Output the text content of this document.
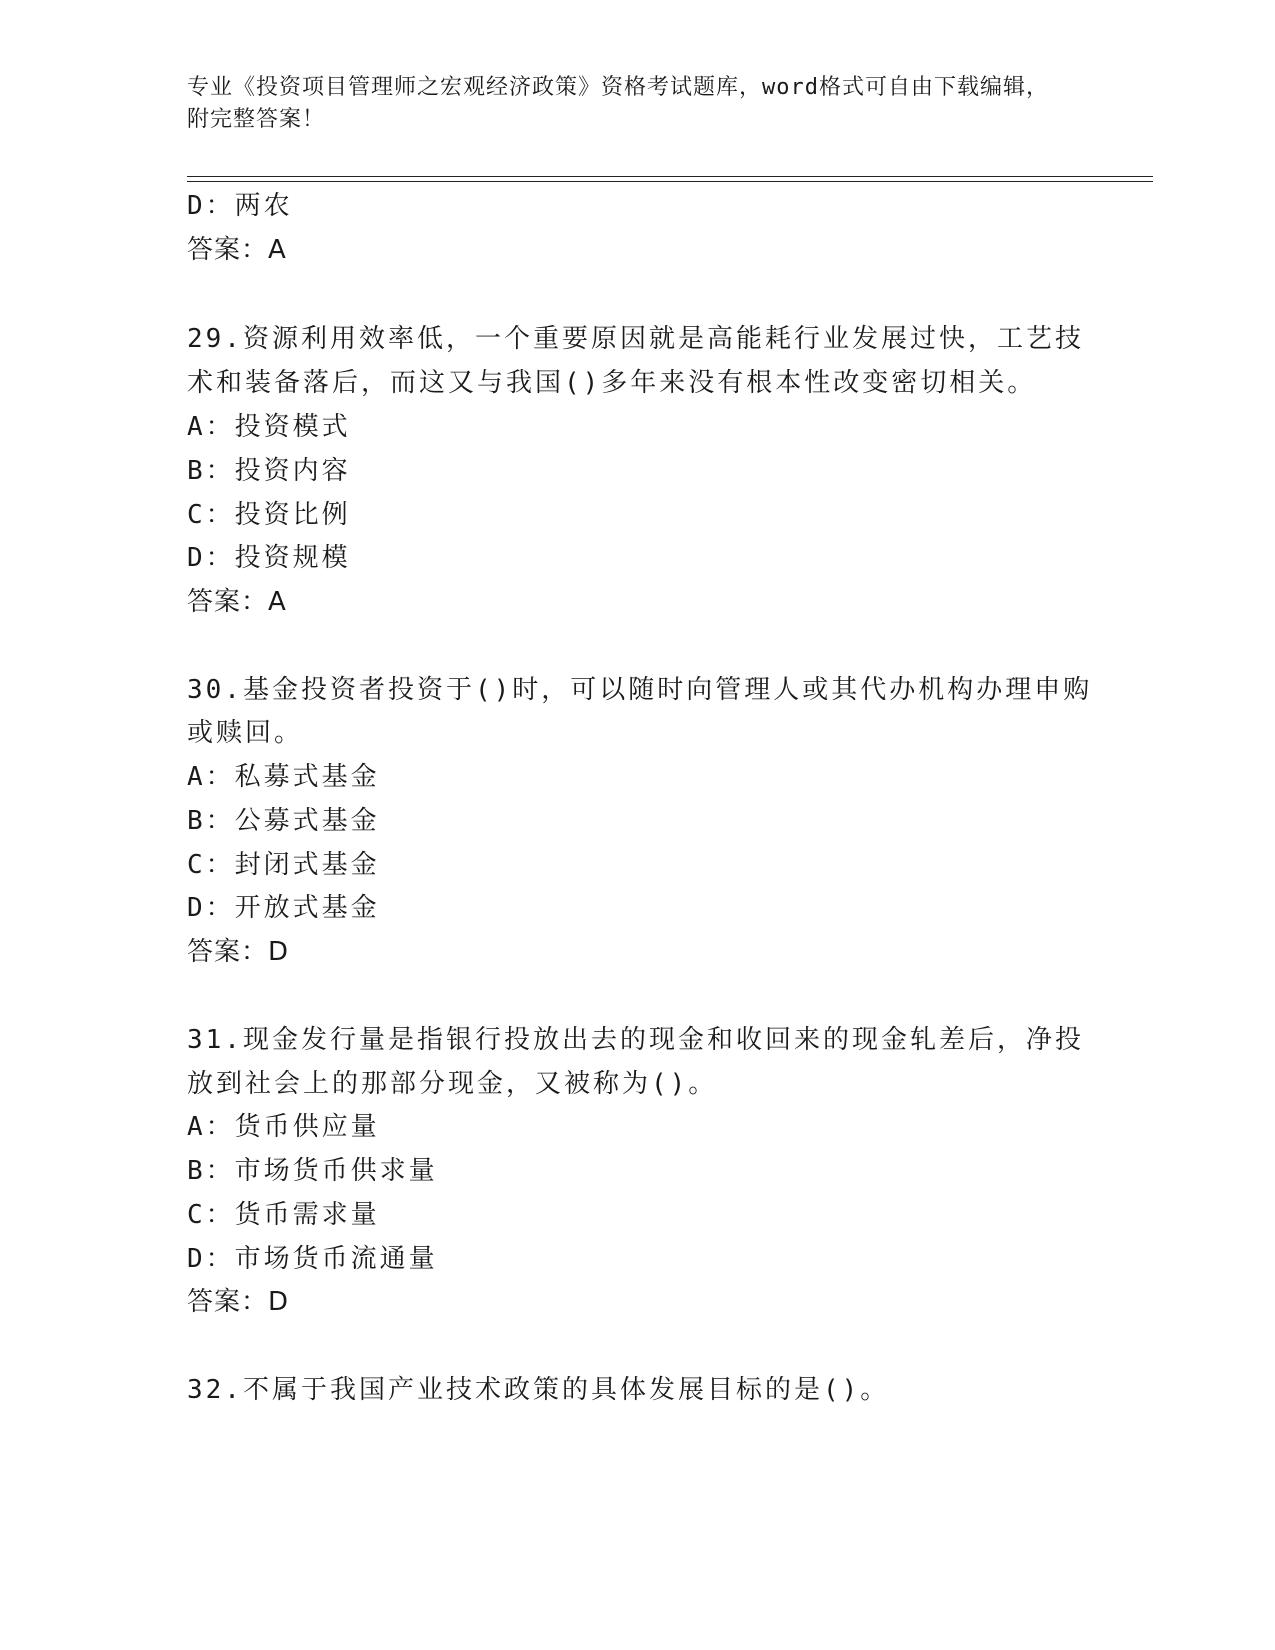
专业《投资项目管理师之宏观经济政策》资格考试题库，word格式可自由下载编辑，附完整答案！
D：两农
答案：A
29.资源利用效率低，一个重要原因就是高能耗行业发展过快，工艺技
术和装备落后，而这又与我国()多年来没有根本性改变密切相关。
A：投资模式
B：投资内容
C：投资比例
D：投资规模
答案：A
30.基金投资者投资于()时，可以随时向管理人或其代办机构办理申购
或赎回。
A：私募式基金
B：公募式基金
C：封闭式基金
D：开放式基金
答案：D
31.现金发行量是指银行投放出去的现金和收回来的现金轧差后，净投
放到社会上的那部分现金，又被称为()。
A：货币供应量
B：市场货币供求量
C：货币需求量
D：市场货币流通量
答案：D
32.不属于我国产业技术政策的具体发展目标的是()。
